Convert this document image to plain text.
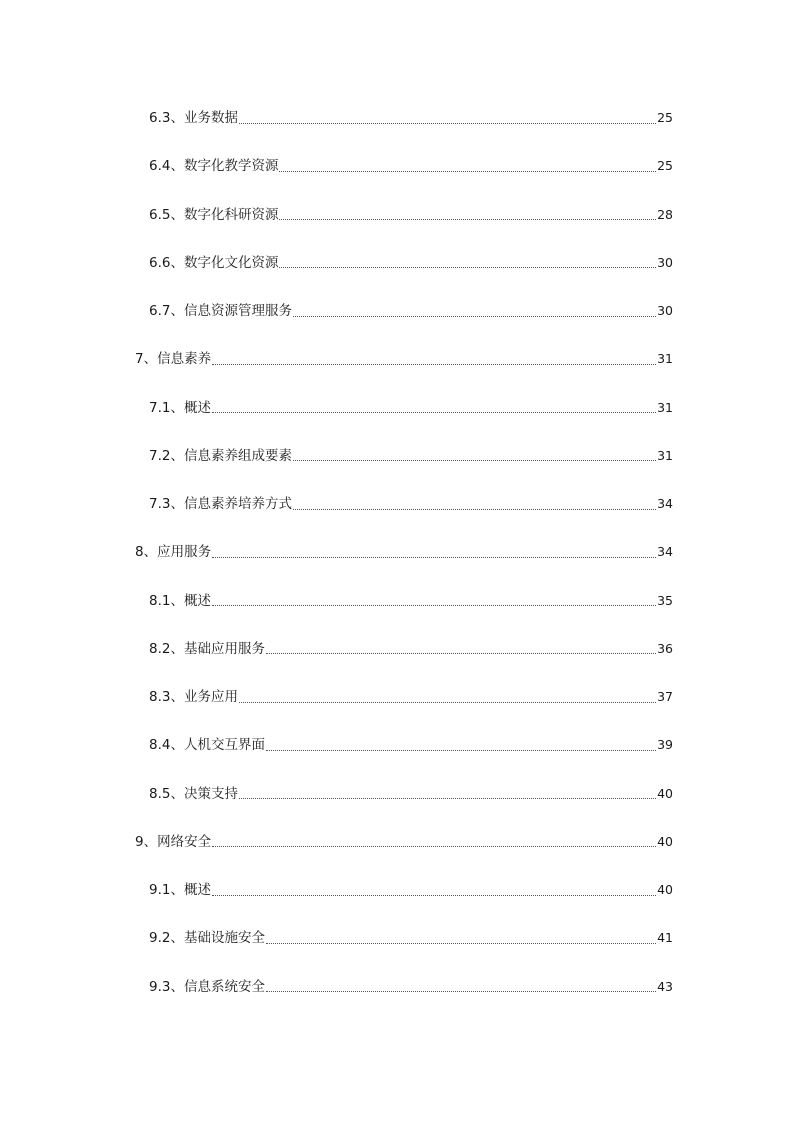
6.3、业务数据	25
6.4、数字化教学资源	25
6.5、数字化科研资源	28
6.6、数字化文化资源	30
6.7、信息资源管理服务	30
7、信息素养	31
7.1、概述	31
7.2、信息素养组成要素	31
7.3、信息素养培养方式	34
8、应用服务	34
8.1、概述	35
8.2、基础应用服务	36
8.3、业务应用	37
8.4、人机交互界面	39
8.5、决策支持	40
9、网络安全	40
9.1、概述	40
9.2、基础设施安全	41
9.3、信息系统安全	43
